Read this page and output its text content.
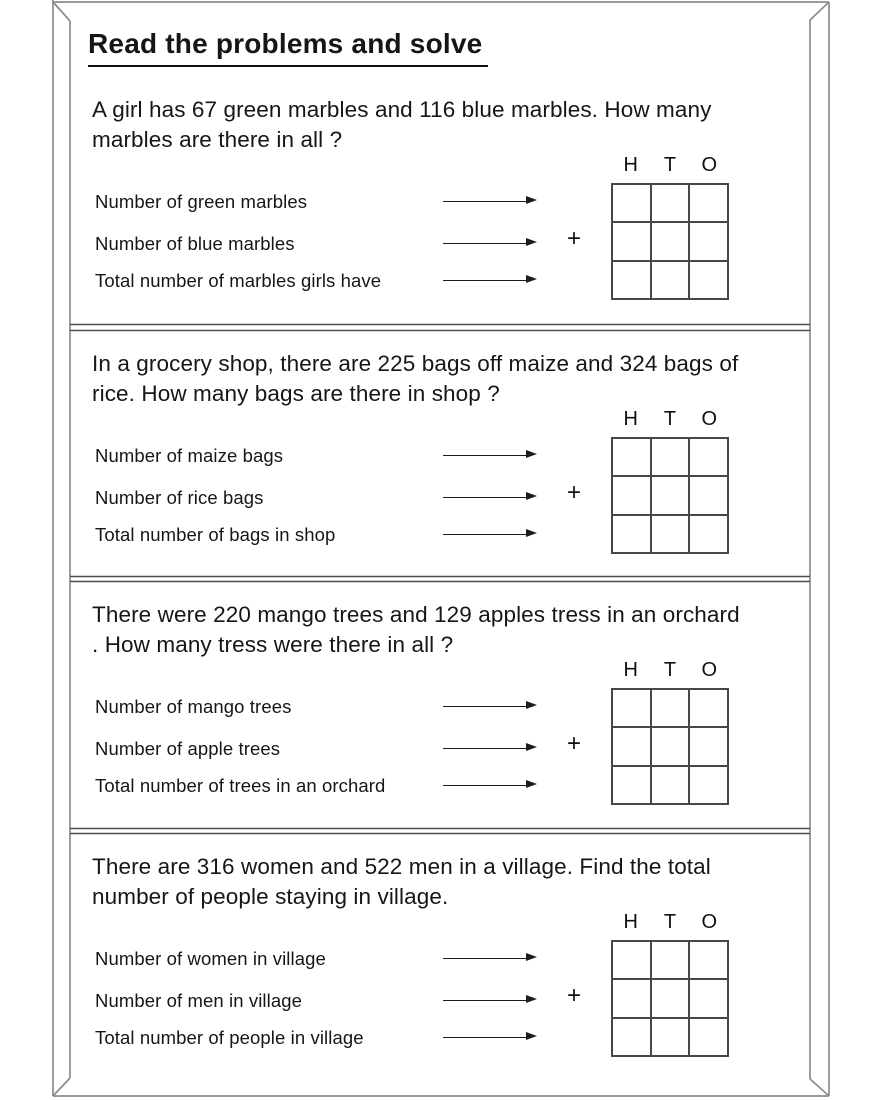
Read the problems and solve

A girl has 67 green marbles and 116 blue marbles. How many marbles are there in all ?

H	T	O
Number of green marbles
Number of blue marbles
Total number of marbles girls have
+

In a grocery shop, there are 225 bags off maize and 324 bags of rice. How many bags are there in shop ?

H	T	O
Number of maize bags
Number of rice bags
Total number of bags in shop
+

There were 220 mango trees and 129 apples tress in an orchard . How many tress were there in all ?

H	T	O
Number of mango trees
Number of apple trees
Total number of trees in an orchard
+

There are 316 women and 522 men in a village. Find the total number of people staying in village.

H	T	O
Number of women in village
Number of men in village
Total number of people in village
+
